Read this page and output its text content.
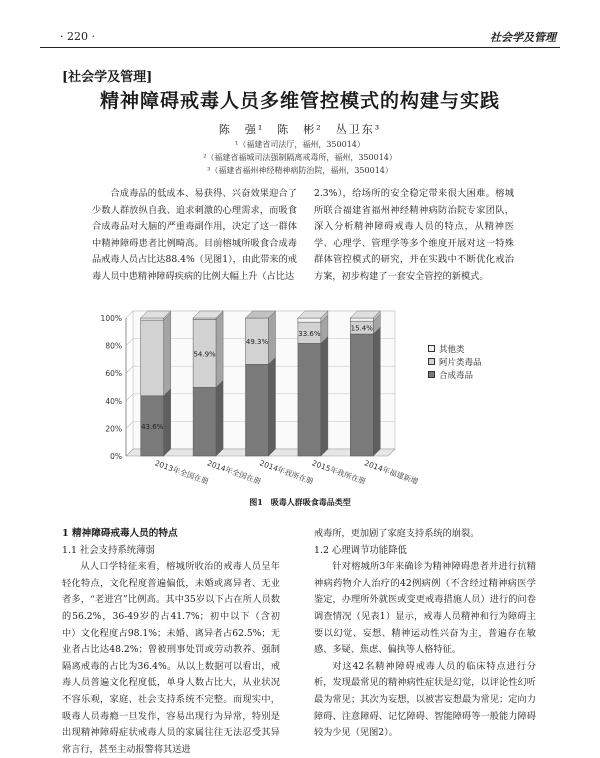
· 220 ·	社会学及管理
[社会学及管理]
精神障碍戒毒人员多维管控模式的构建与实践
陈　强¹　陈　彬²　丛卫东³
¹（福建省司法厅，福州，350014）
²（福建省福城司法强制隔离戒毒所，福州，350014）
³（福建省福州神经精神病防治院，福州，350014）

合成毒品的低成本、易获得、兴奋效果迎合了少数人群放纵自我、追求刺激的心理需求，而吸食合成毒品对大脑的严重毒副作用，决定了这一群体中精神障碍患者比例畸高。目前榕城所吸食合成毒品戒毒人员占比达88.4%（见图1），由此带来的戒毒人员中患精神障碍疾病的比例大幅上升（占比达

2.3%），给场所的安全稳定带来很大困难。榕城所联合福建省福州神经精神病防治院专家团队，深入分析精神障碍戒毒人员的特点，从精神医学、心理学、管理学等多个维度开展对这一特殊群体管控模式的研究，并在实践中不断优化戒治方案，初步构建了一套安全管控的新模式。

0%
20%
40%
60%
80%
100%
43.6%
2013年全国在册
54.9%
2014年全国在册
49.3%
2014年我所在册
33.6%
2015年我所在册
15.4%
2014年福建新增
其他类
阿片类毒品
合成毒品
图1　吸毒人群吸食毒品类型
1 精神障碍戒毒人员的特点
1.1 社会支持系统薄弱

从人口学特征来看，榕城所收治的戒毒人员呈年轻化特点，文化程度普遍偏低，未婚或离异者、无业者多，“老进宫”比例高。其中35岁以下占在所人员数的56.2%，36-49岁的占41.7%；初中以下（含初中）文化程度占98.1%；未婚、离异者占62.5%；无业者占比达48.2%；曾被刑事处罚或劳动教养、强制隔离戒毒的占比为36.4%。从以上数据可以看出，戒毒人员普遍文化程度低，单身人数占比大，从业状况不容乐观，家庭、社会支持系统不完整。而现实中，吸毒人员毒瘾一旦发作，容易出现行为异常，特别是出现精神障碍症状戒毒人员的家属往往无法忍受其异常言行，甚至主动报警将其送进

戒毒所，更加剧了家庭支持系统的崩裂。

1.2 心理调节功能降低

针对榕城所3年来确诊为精神障碍患者并进行抗精神病药物介人治疗的42例病例（不含经过精神病医学鉴定，办理所外就医或变更戒毒措施人员）进行的问卷调查情况（见表1）显示，戒毒人员精神和行为障碍主要以幻觉、妄想、精神运动性兴奋为主，普遍存在敏感、多疑、焦虑、偏执等人格特征。

对这42名精神障碍戒毒人员的临床特点进行分析，发现最常见的精神病性症状是幻觉，以评论性幻听最为常见；其次为妄想，以被害妄想最为常见；定向力障碍、注意障碍、记忆障碍、智能障碍等一般能力障碍较为少见（见图2）。
